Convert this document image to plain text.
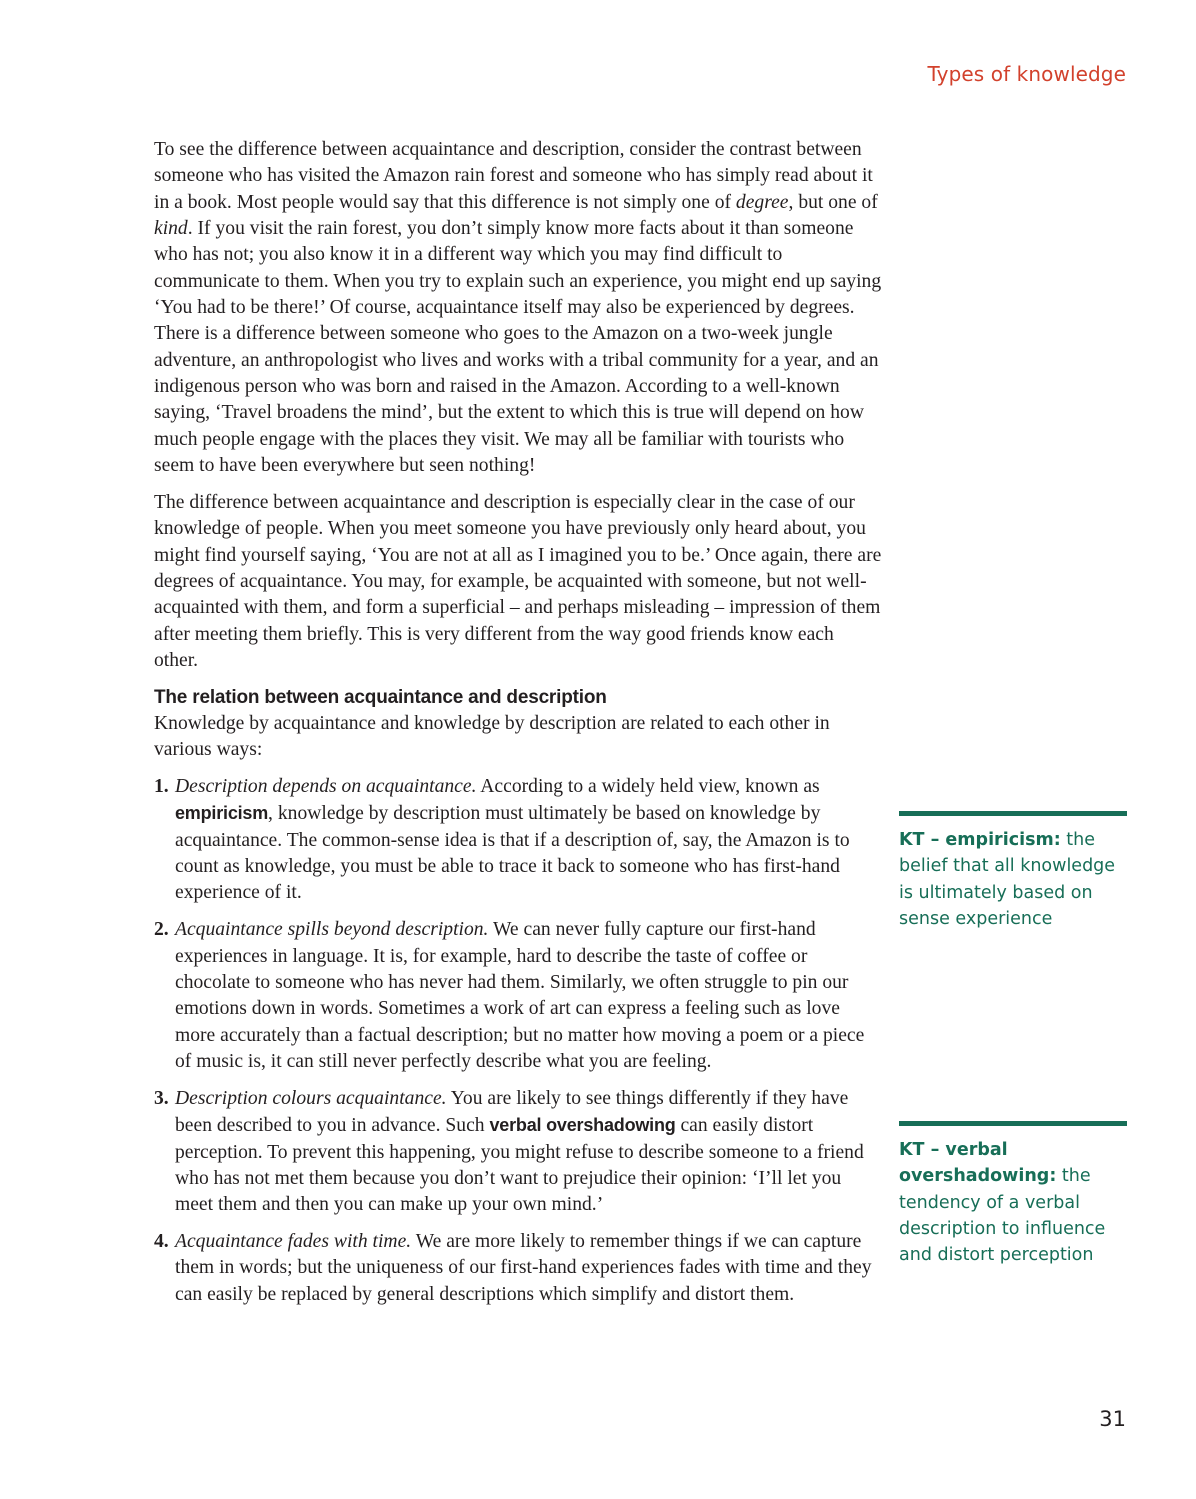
Types of knowledge

To see the difference between acquaintance and description, consider the contrast between someone who has visited the Amazon rain forest and someone who has simply read about it in a book. Most people would say that this difference is not simply one of degree, but one of kind. If you visit the rain forest, you don’t simply know more facts about it than someone who has not; you also know it in a different way which you may find difficult to communicate to them. When you try to explain such an experience, you might end up saying ‘You had to be there!’ Of course, acquaintance itself may also be experienced by degrees. There is a difference between someone who goes to the Amazon on a two-week jungle adventure, an anthropologist who lives and works with a tribal community for a year, and an indigenous person who was born and raised in the Amazon. According to a well-known saying, ‘Travel broadens the mind’, but the extent to which this is true will depend on how much people engage with the places they visit. We may all be familiar with tourists who seem to have been everywhere but seen nothing!

The difference between acquaintance and description is especially clear in the case of our knowledge of people. When you meet someone you have previously only heard about, you might find yourself saying, ‘You are not at all as I imagined you to be.’ Once again, there are degrees of acquaintance. You may, for example, be acquainted with someone, but not well-acquainted with them, and form a superficial – and perhaps misleading – impression of them after meeting them briefly. This is very different from the way good friends know each other.

The relation between acquaintance and description

Knowledge by acquaintance and knowledge by description are related to each other in various ways:

1. Description depends on acquaintance. According to a widely held view, known as empiricism, knowledge by description must ultimately be based on knowledge by acquaintance. The common-sense idea is that if a description of, say, the Amazon is to count as knowledge, you must be able to trace it back to someone who has first-hand experience of it.
2. Acquaintance spills beyond description. We can never fully capture our first-hand experiences in language. It is, for example, hard to describe the taste of coffee or chocolate to someone who has never had them. Similarly, we often struggle to pin our emotions down in words. Sometimes a work of art can express a feeling such as love more accurately than a factual description; but no matter how moving a poem or a piece of music is, it can still never perfectly describe what you are feeling.
3. Description colours acquaintance. You are likely to see things differently if they have been described to you in advance. Such verbal overshadowing can easily distort perception. To prevent this happening, you might refuse to describe someone to a friend who has not met them because you don’t want to prejudice their opinion: ‘I’ll let you meet them and then you can make up your own mind.’
4. Acquaintance fades with time. We are more likely to remember things if we can capture them in words; but the uniqueness of our first-hand experiences fades with time and they can easily be replaced by general descriptions which simplify and distort them.
KT – empiricism: the belief that all knowledge is ultimately based on sense experience
KT – verbal overshadowing: the tendency of a verbal description to influence and distort perception
31
